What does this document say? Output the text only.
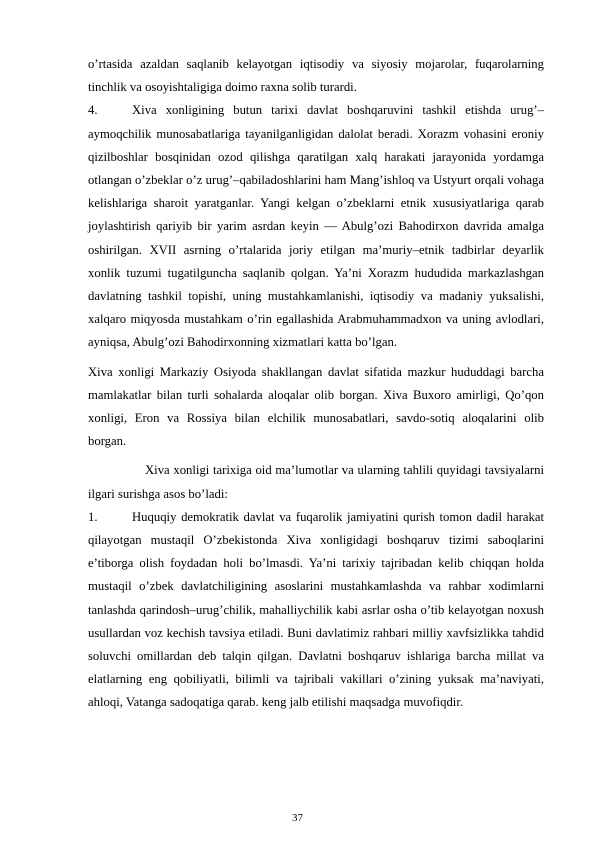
o’rtasida azaldan saqlanib kelayotgan iqtisodiy va siyosiy mojarolar, fuqarolarning tinchlik va osoyishtaligiga doimo raxna solib turardi.

4.	Xiva xonligining butun tarixi davlat boshqaruvini tashkil etishda urug’–aymoqchilik munosabatlariga tayanilganligidan dalolat beradi. Xorazm vohasini eroniy qizilboshlar bosqinidan ozod qilishga qaratilgan xalq harakati jarayonida yordamga otlangan o’zbeklar o’z urug’–qabiladoshlarini ham Mang’ishloq va Ustyurt orqali vohaga kelishlariga sharoit yaratganlar. Yangi kelgan o’zbeklarni etnik xususiyatlariga qarab joylashtirish qariyib bir yarim asrdan keyin — Abulg’ozi Bahodirxon davrida amalga oshirilgan. XVII asrning o’rtalarida joriy etilgan ma’muriy–etnik tadbirlar deyarlik xonlik tuzumi tugatilguncha saqlanib qolgan. Ya’ni Xorazm hududida markazlashgan davlatning tashkil topishi, uning mustahkamlanishi, iqtisodiy va madaniy yuksalishi, xalqaro miqyosda mustahkam o’rin egallashida Arabmuhammadxon va uning avlodlari, ayniqsa, Abulg’ozi Bahodirxonning xizmatlari katta bo’lgan.

Xiva xonligi Markaziy Osiyoda shakllangan davlat sifatida mazkur hududdagi barcha mamlakatlar bilan turli sohalarda aloqalar olib borgan. Xiva Buxoro amirligi, Qo’qon xonligi, Eron va Rossiya bilan elchilik munosabatlari, savdo-sotiq aloqalarini olib borgan.

Xiva xonligi tarixiga oid ma’lumotlar va ularning tahlili quyidagi tavsiyalarni ilgari surishga asos bo’ladi:

1.	Huquqiy demokratik davlat va fuqarolik jamiyatini qurish tomon dadil harakat qilayotgan mustaqil O’zbekistonda Xiva xonligidagi boshqaruv tizimi saboqlarini e’tiborga olish foydadan holi bo’lmasdi. Ya’ni tarixiy tajribadan kelib chiqqan holda mustaqil o’zbek davlatchiligining asoslarini mustahkamlashda va rahbar xodimlarni tanlashda qarindosh–urug’chilik, mahalliychilik kabi asrlar osha o’tib kelayotgan noxush usullardan voz kechish tavsiya etiladi. Buni davlatimiz rahbari milliy xavfsizlikka tahdid soluvchi omillardan deb talqin qilgan. Davlatni boshqaruv ishlariga barcha millat va elatlarning eng qobiliyatli, bilimli va tajribali vakillari o’zining yuksak ma’naviyati, ahloqi, Vatanga sadoqatiga qarab. keng jalb etilishi maqsadga muvofiqdir.

37
